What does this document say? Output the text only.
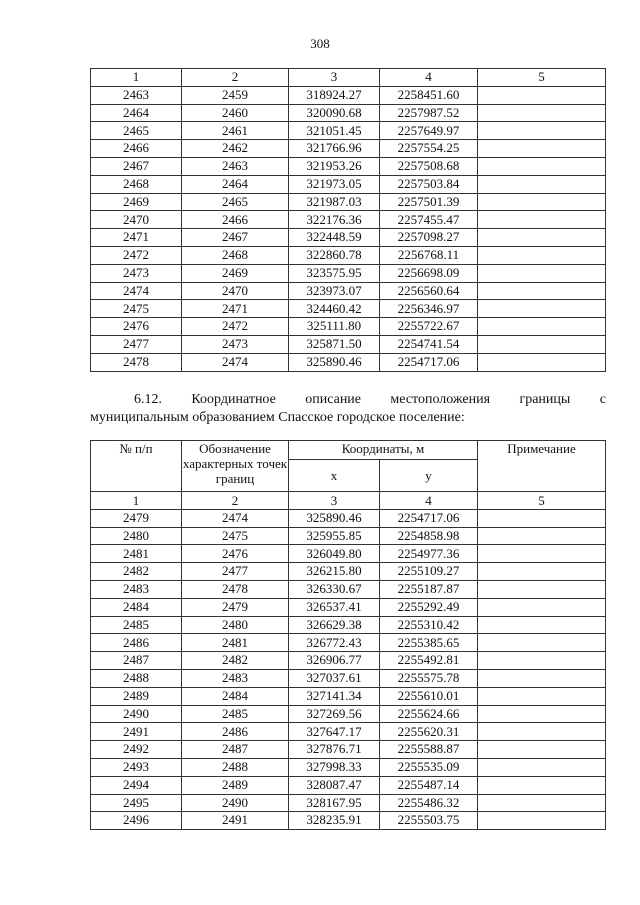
308
1	2	3	4	5
2463	2459	318924.27	2258451.60	
2464	2460	320090.68	2257987.52	
2465	2461	321051.45	2257649.97	
2466	2462	321766.96	2257554.25	
2467	2463	321953.26	2257508.68	
2468	2464	321973.05	2257503.84	
2469	2465	321987.03	2257501.39	
2470	2466	322176.36	2257455.47	
2471	2467	322448.59	2257098.27	
2472	2468	322860.78	2256768.11	
2473	2469	323575.95	2256698.09	
2474	2470	323973.07	2256560.64	
2475	2471	324460.42	2256346.97	
2476	2472	325111.80	2255722.67	
2477	2473	325871.50	2254741.54	
2478	2474	325890.46	2254717.06	
6.12. Координатное описание местоположения границы с
муниципальным образованием Спасское городское поселение:
№ п/п	Обозначение характерных точек границ	Координаты, м		Примечание
		x	y	
1	2	3	4	5
2479	2474	325890.46	2254717.06	
2480	2475	325955.85	2254858.98	
2481	2476	326049.80	2254977.36	
2482	2477	326215.80	2255109.27	
2483	2478	326330.67	2255187.87	
2484	2479	326537.41	2255292.49	
2485	2480	326629.38	2255310.42	
2486	2481	326772.43	2255385.65	
2487	2482	326906.77	2255492.81	
2488	2483	327037.61	2255575.78	
2489	2484	327141.34	2255610.01	
2490	2485	327269.56	2255624.66	
2491	2486	327647.17	2255620.31	
2492	2487	327876.71	2255588.87	
2493	2488	327998.33	2255535.09	
2494	2489	328087.47	2255487.14	
2495	2490	328167.95	2255486.32	
2496	2491	328235.91	2255503.75	
